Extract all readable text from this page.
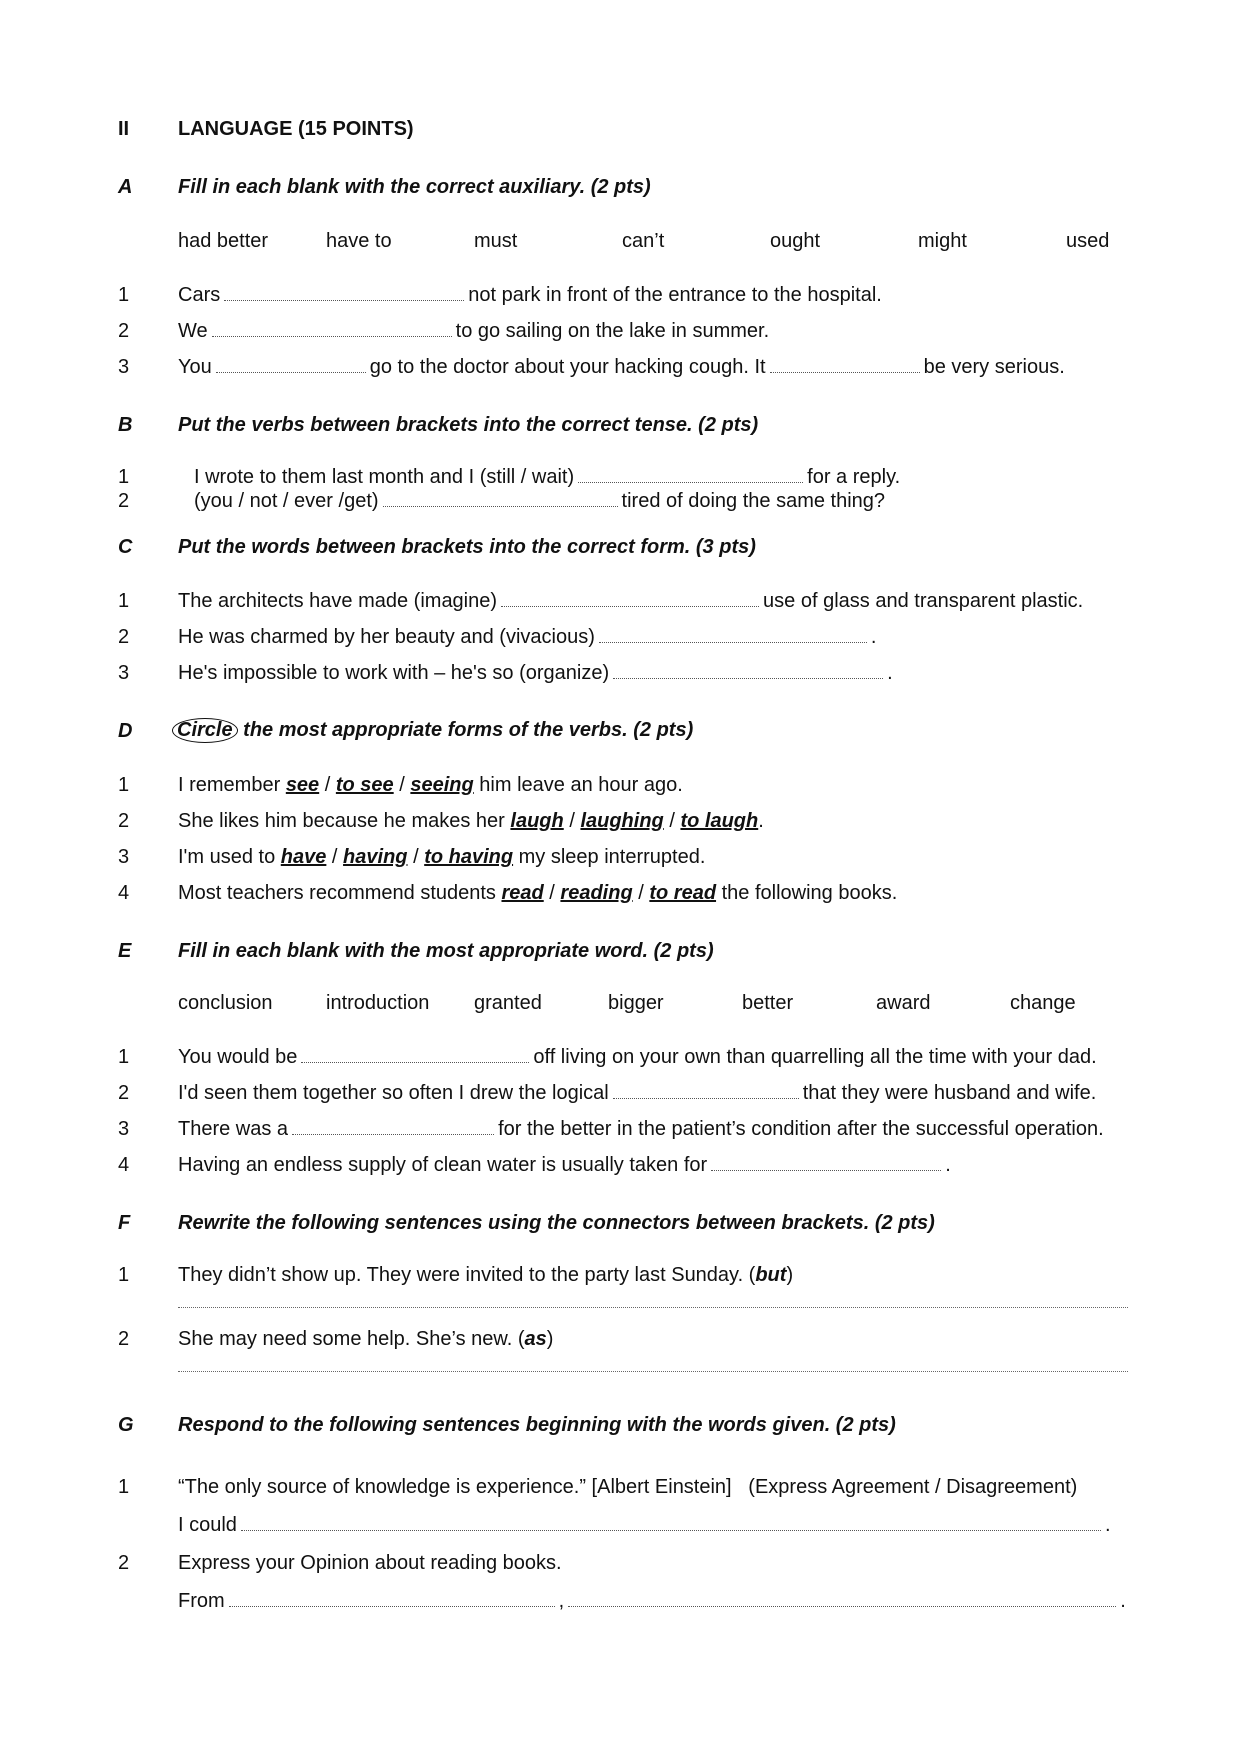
II LANGUAGE (15 POINTS)
A Fill in each blank with the correct auxiliary. (2 pts)
had better	have to	must	can’t	ought	might	used
1 Cars	not park in front of the entrance to the hospital.
2 We	to go sailing on the lake in summer.
3 You	go to the doctor about your hacking cough. It	be very serious.
B Put the verbs between brackets into the correct tense. (2 pts)
1	I wrote to them last month and I (still / wait)	for a reply.
2	(you / not / ever /get)	tired of doing the same thing?
C Put the words between brackets into the correct form. (3 pts)
1 The architects have made (imagine)	use of glass and transparent plastic.
2 He was charmed by her beauty and (vivacious)	.
3 He's impossible to work with – he's so (organize)	.
D Circle the most appropriate forms of the verbs. (2 pts)
1 I remember see / to see / seeing him leave an hour ago.
2 She likes him because he makes her laugh / laughing / to laugh.
3 I'm used to have / having / to having my sleep interrupted.
4 Most teachers recommend students read / reading / to read the following books.
E Fill in each blank with the most appropriate word. (2 pts)
conclusion	introduction granted	bigger	better	award	change
1 You would be	off living on your own than quarrelling all the time with your dad.
2 I'd seen them together so often I drew the logical	that they were husband and wife.
3 There was a	for the better in the patient’s condition after the successful operation.
4 Having an endless supply of clean water is usually taken for	.
F Rewrite the following sentences using the connectors between brackets. (2 pts)
1 They didn’t show up. They were invited to the party last Sunday. (but)
2 She may need some help. She’s new. (as)
G Respond to the following sentences beginning with the words given. (2 pts)
1 “The only source of knowledge is experience.” [Albert Einstein]   (Express Agreement / Disagreement)
I could	.
2 Express your Opinion about reading books.
From	,	.
